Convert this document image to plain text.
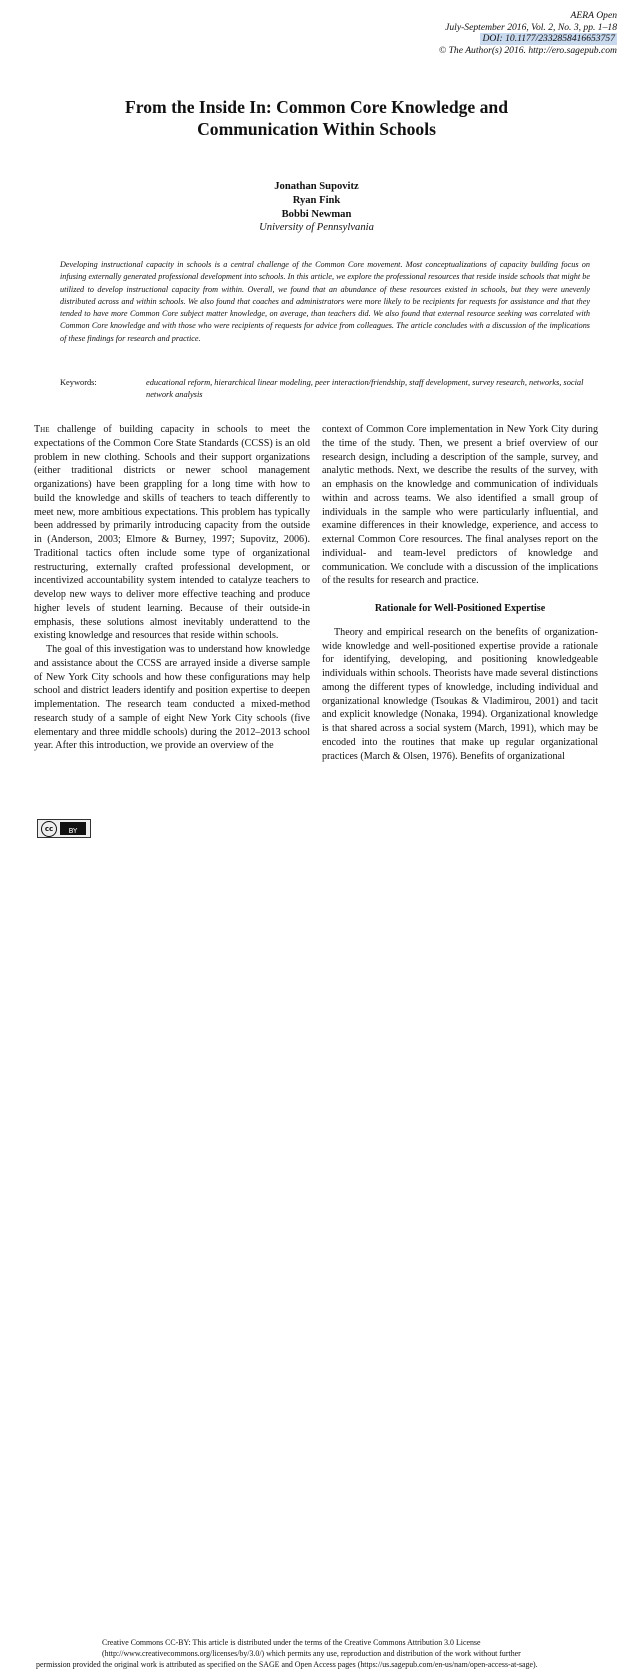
AERA Open
July-September 2016, Vol. 2, No. 3, pp. 1–18
DOI: 10.1177/2332858416653757
© The Author(s) 2016. http://ero.sagepub.com
From the Inside In: Common Core Knowledge and
Communication Within Schools
Jonathan Supovitz
Ryan Fink
Bobbi Newman
University of Pennsylvania
Developing instructional capacity in schools is a central challenge of the Common Core movement. Most conceptualizations of capacity building focus on infusing externally generated professional development into schools. In this article, we explore the professional resources that reside inside schools that might be utilized to develop instructional capacity from within. Overall, we found that an abundance of these resources existed in schools, but they were unevenly distributed across and within schools. We also found that coaches and administrators were more likely to be recipients for requests for assistance and that they tended to have more Common Core subject matter knowledge, on average, than teachers did. We also found that external resource seeking was correlated with Common Core knowledge and with those who were recipients of requests for advice from colleagues. The article concludes with a discussion of the implications of these findings for research and practice.
Keywords:	educational reform, hierarchical linear modeling, peer interaction/friendship, staff development, survey research, networks, social network analysis

The challenge of building capacity in schools to meet the expectations of the Common Core State Standards (CCSS) is an old problem in new clothing. Schools and their support organizations (either traditional districts or newer school management organizations) have been grappling for a long time with how to build the knowledge and skills of teachers to teach differently to meet new, more ambitious expectations. This problem has typically been addressed by primarily introducing capacity from the outside in (Anderson, 2003; Elmore & Burney, 1997; Supovitz, 2006). Traditional tactics often include some type of organizational restructuring, externally crafted professional development, or incentivized accountability system intended to catalyze teachers to develop new ways to deliver more effective teaching and produce higher levels of student learning. Because of their outside-in emphasis, these solutions almost inevitably underattend to the existing knowledge and resources that reside within schools.

The goal of this investigation was to understand how knowledge and assistance about the CCSS are arrayed inside a diverse sample of New York City schools and how these configurations may help school and district leaders identify and position expertise to deepen implementation. The research team conducted a mixed-method research study of a sample of eight New York City schools (five elementary and three middle schools) during the 2012–2013 school year. After this introduction, we provide an overview of the

context of Common Core implementation in New York City during the time of the study. Then, we present a brief overview of our research design, including a description of the sample, survey, and analytic methods. Next, we describe the results of the survey, with an emphasis on the knowledge and communication of individuals within and across teams. We also identified a small group of individuals in the sample who were particularly influential, and examine differences in their knowledge, experience, and access to external Common Core resources. The final analyses report on the individual- and team-level predictors of knowledge and communication. We conclude with a discussion of the implications of the results for research and practice.

Rationale for Well-Positioned Expertise

Theory and empirical research on the benefits of organization-wide knowledge and well-positioned expertise provide a rationale for identifying, developing, and positioning knowledgeable individuals within schools. Theorists have made several distinctions among the different types of knowledge, including individual and organizational knowledge (Tsoukas & Vladimirou, 2001) and tacit and explicit knowledge (Nonaka, 1994). Organizational knowledge is that shared across a social system (March, 1991), which may be encoded into the routines that make up regular organizational practices (March & Olsen, 1976). Benefits of organizational

cc	BY
Creative Commons CC-BY: This article is distributed under the terms of the Creative Commons Attribution 3.0 License
(http://www.creativecommons.org/licenses/by/3.0/) which permits any use, reproduction and distribution of the work without further
permission provided the original work is attributed as specified on the SAGE and Open Access pages (https://us.sagepub.com/en-us/nam/open-access-at-sage).
